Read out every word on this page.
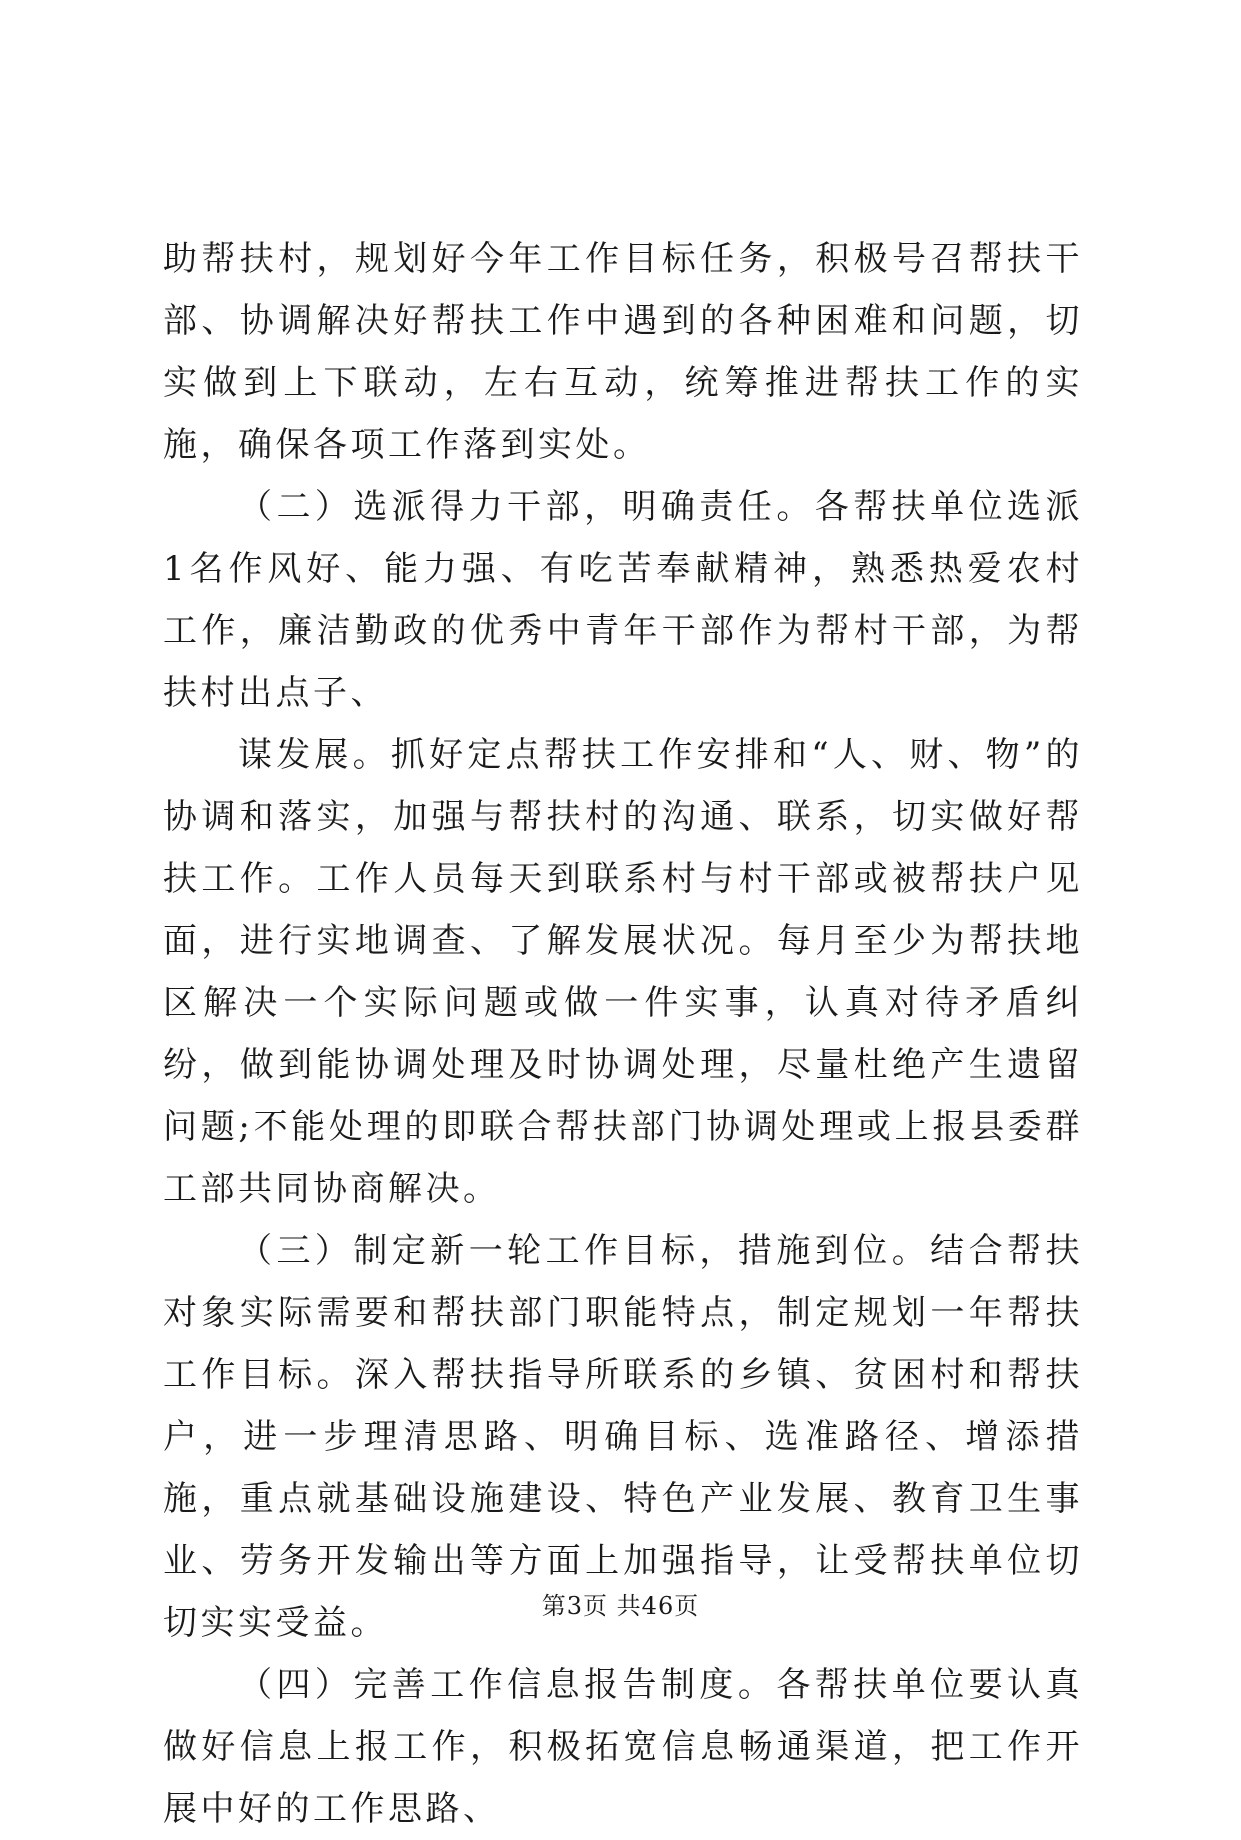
助帮扶村，规划好今年工作目标任务，积极号召帮扶干部、协调解决好帮扶工作中遇到的各种困难和问题，切实做到上下联动，左右互动，统筹推进帮扶工作的实施，确保各项工作落到实处。

（二）选派得力干部，明确责任。各帮扶单位选派1名作风好、能力强、有吃苦奉献精神，熟悉热爱农村工作，廉洁勤政的优秀中青年干部作为帮村干部，为帮扶村出点子、

谋发展。抓好定点帮扶工作安排和“人、财、物”的协调和落实，加强与帮扶村的沟通、联系，切实做好帮扶工作。工作人员每天到联系村与村干部或被帮扶户见面，进行实地调查、了解发展状况。每月至少为帮扶地区解决一个实际问题或做一件实事，认真对待矛盾纠纷，做到能协调处理及时协调处理，尽量杜绝产生遗留问题;不能处理的即联合帮扶部门协调处理或上报县委群工部共同协商解决。

（三）制定新一轮工作目标，措施到位。结合帮扶对象实际需要和帮扶部门职能特点，制定规划一年帮扶工作目标。深入帮扶指导所联系的乡镇、贫困村和帮扶户，进一步理清思路、明确目标、选准路径、增添措施，重点就基础设施建设、特色产业发展、教育卫生事业、劳务开发输出等方面上加强指导，让受帮扶单位切切实实受益。

（四）完善工作信息报告制度。各帮扶单位要认真做好信息上报工作，积极拓宽信息畅通渠道，把工作开展中好的工作思路、

第3页 共46页
